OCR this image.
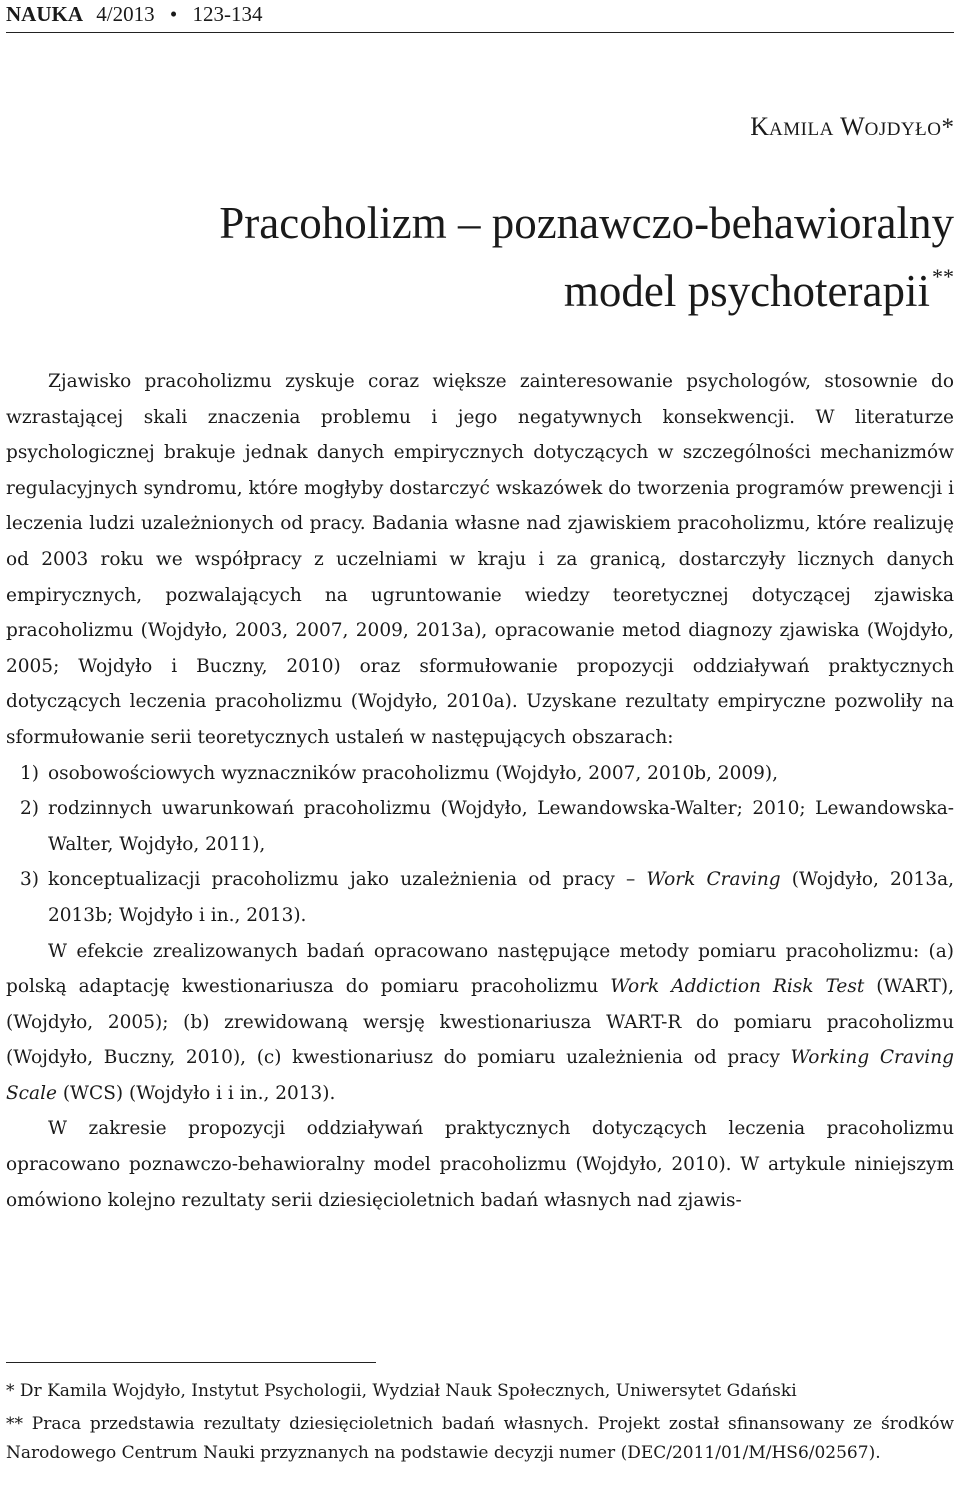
NAUKA 4/2013 • 123-134
KAMILA WOJDYŁO*
Pracoholizm – poznawczo-behawioralny
model psychoterapii**

Zjawisko pracoholizmu zyskuje coraz większe zainteresowanie psychologów, stosownie do wzrastającej skali znaczenia problemu i jego negatywnych konsekwencji. W literaturze psychologicznej brakuje jednak danych empirycznych dotyczących w szczególności mechanizmów regulacyjnych syndromu, które mogłyby dostarczyć wskazówek do tworzenia programów prewencji i leczenia ludzi uzależnionych od pracy. Badania własne nad zjawiskiem pracoholizmu, które realizuję od 2003 roku we współpracy z uczelniami w kraju i za granicą, dostarczyły licznych danych empirycznych, pozwalających na ugruntowanie wiedzy teoretycznej dotyczącej zjawiska pracoholizmu (Wojdyło, 2003, 2007, 2009, 2013a), opracowanie metod diagnozy zjawiska (Wojdyło, 2005; Wojdyło i Buczny, 2010) oraz sformułowanie propozycji oddziaływań praktycznych dotyczących leczenia pracoholizmu (Wojdyło, 2010a). Uzyskane rezultaty empiryczne pozwoliły na sformułowanie serii teoretycznych ustaleń w następujących obszarach:

1) osobowościowych wyznaczników pracoholizmu (Wojdyło, 2007, 2010b, 2009),
2) rodzinnych uwarunkowań pracoholizmu (Wojdyło, Lewandowska-Walter; 2010; Lewandowska-Walter, Wojdyło, 2011),
3) konceptualizacji pracoholizmu jako uzależnienia od pracy – Work Craving (Wojdyło, 2013a, 2013b; Wojdyło i in., 2013).

W efekcie zrealizowanych badań opracowano następujące metody pomiaru pracoholizmu: (a) polską adaptację kwestionariusza do pomiaru pracoholizmu Work Addiction Risk Test (WART), (Wojdyło, 2005); (b) zrewidowaną wersję kwestionariusza WART-R do pomiaru pracoholizmu (Wojdyło, Buczny, 2010), (c) kwestionariusz do pomiaru uzależnienia od pracy Working Craving Scale (WCS) (Wojdyło i i in., 2013).

W zakresie propozycji oddziaływań praktycznych dotyczących leczenia pracoholizmu opracowano poznawczo-behawioralny model pracoholizmu (Wojdyło, 2010). W artykule niniejszym omówiono kolejno rezultaty serii dziesięcioletnich badań własnych nad zjawis-

* Dr Kamila Wojdyło, Instytut Psychologii, Wydział Nauk Społecznych, Uniwersytet Gdański

** Praca przedstawia rezultaty dziesięcioletnich badań własnych. Projekt został sfinansowany ze środków Narodowego Centrum Nauki przyznanych na podstawie decyzji numer (DEC/2011/01/M/HS6/02567).
